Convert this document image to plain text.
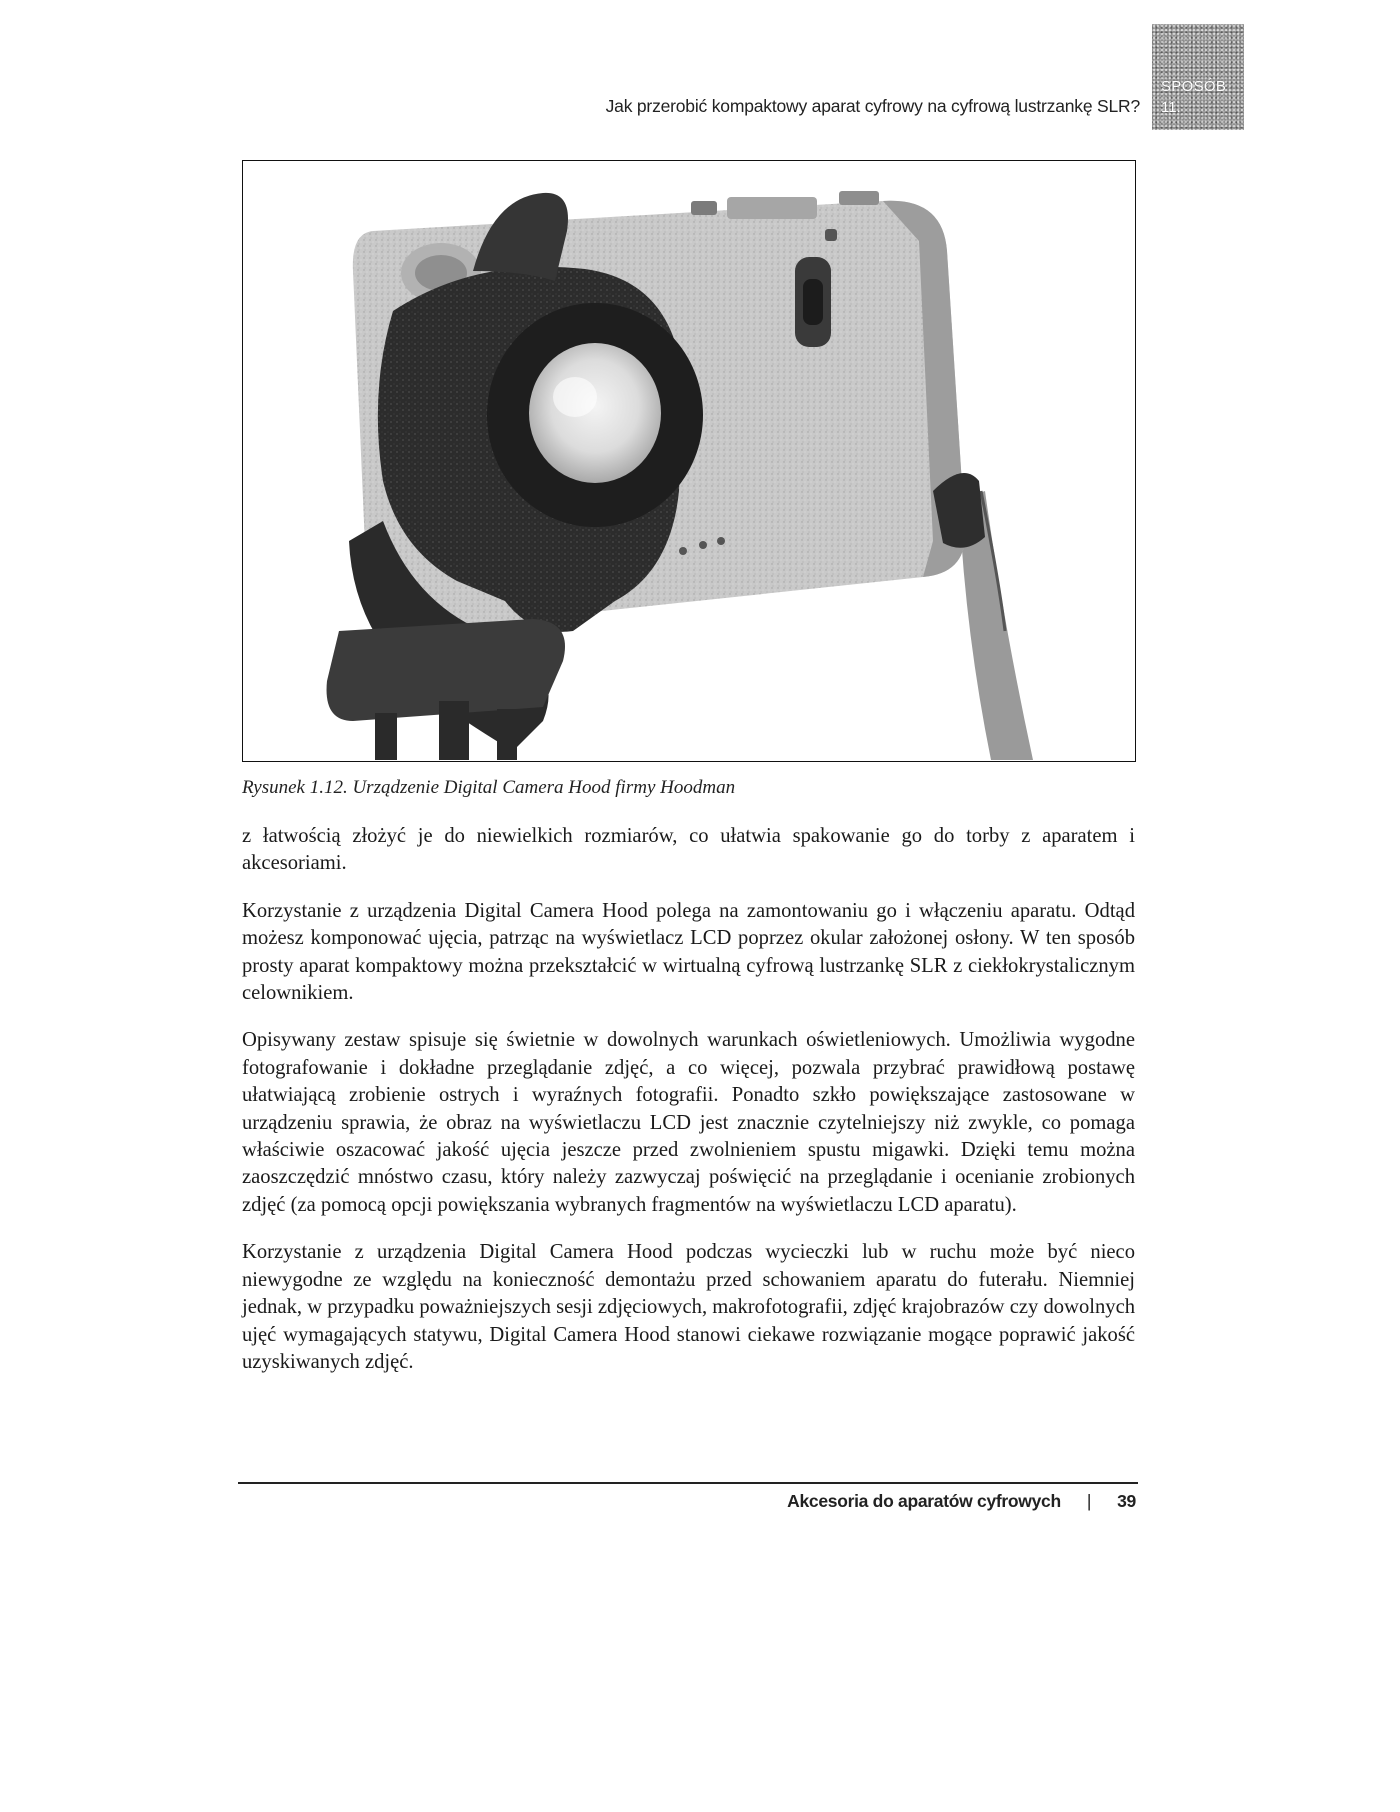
Jak przerobić kompaktowy aparat cyfrowy na cyfrową lustrzankę SLR?
SPOSÓB
11.
Rysunek 1.12. Urządzenie Digital Camera Hood firmy Hoodman

z łatwością złożyć je do niewielkich rozmiarów, co ułatwia spakowanie go do torby z aparatem i akcesoriami.

Korzystanie z urządzenia Digital Camera Hood polega na zamontowaniu go i włączeniu aparatu. Odtąd możesz komponować ujęcia, patrząc na wyświetlacz LCD poprzez okular założonej osłony. W ten sposób prosty aparat kompaktowy można przekształcić w wirtualną cyfrową lustrzankę SLR z ciekłokrystalicznym celownikiem.

Opisywany zestaw spisuje się świetnie w dowolnych warunkach oświetleniowych. Umożliwia wygodne fotografowanie i dokładne przeglądanie zdjęć, a co więcej, pozwala przybrać prawidłową postawę ułatwiającą zrobienie ostrych i wyraźnych fotografii. Ponadto szkło powiększające zastosowane w urządzeniu sprawia, że obraz na wyświetlaczu LCD jest znacznie czytelniejszy niż zwykle, co pomaga właściwie oszacować jakość ujęcia jeszcze przed zwolnieniem spustu migawki. Dzięki temu można zaoszczędzić mnóstwo czasu, który należy zazwyczaj poświęcić na przeglądanie i ocenianie zrobionych zdjęć (za pomocą opcji powiększania wybranych fragmentów na wyświetlaczu LCD aparatu).

Korzystanie z urządzenia Digital Camera Hood podczas wycieczki lub w ruchu może być nieco niewygodne ze względu na konieczność demontażu przed schowaniem aparatu do futerału. Niemniej jednak, w przypadku poważniejszych sesji zdjęciowych, makrofotografii, zdjęć krajobrazów czy dowolnych ujęć wymagających statywu, Digital Camera Hood stanowi ciekawe rozwiązanie mogące poprawić jakość uzyskiwanych zdjęć.

Akcesoria do aparatów cyfrowych | 39
